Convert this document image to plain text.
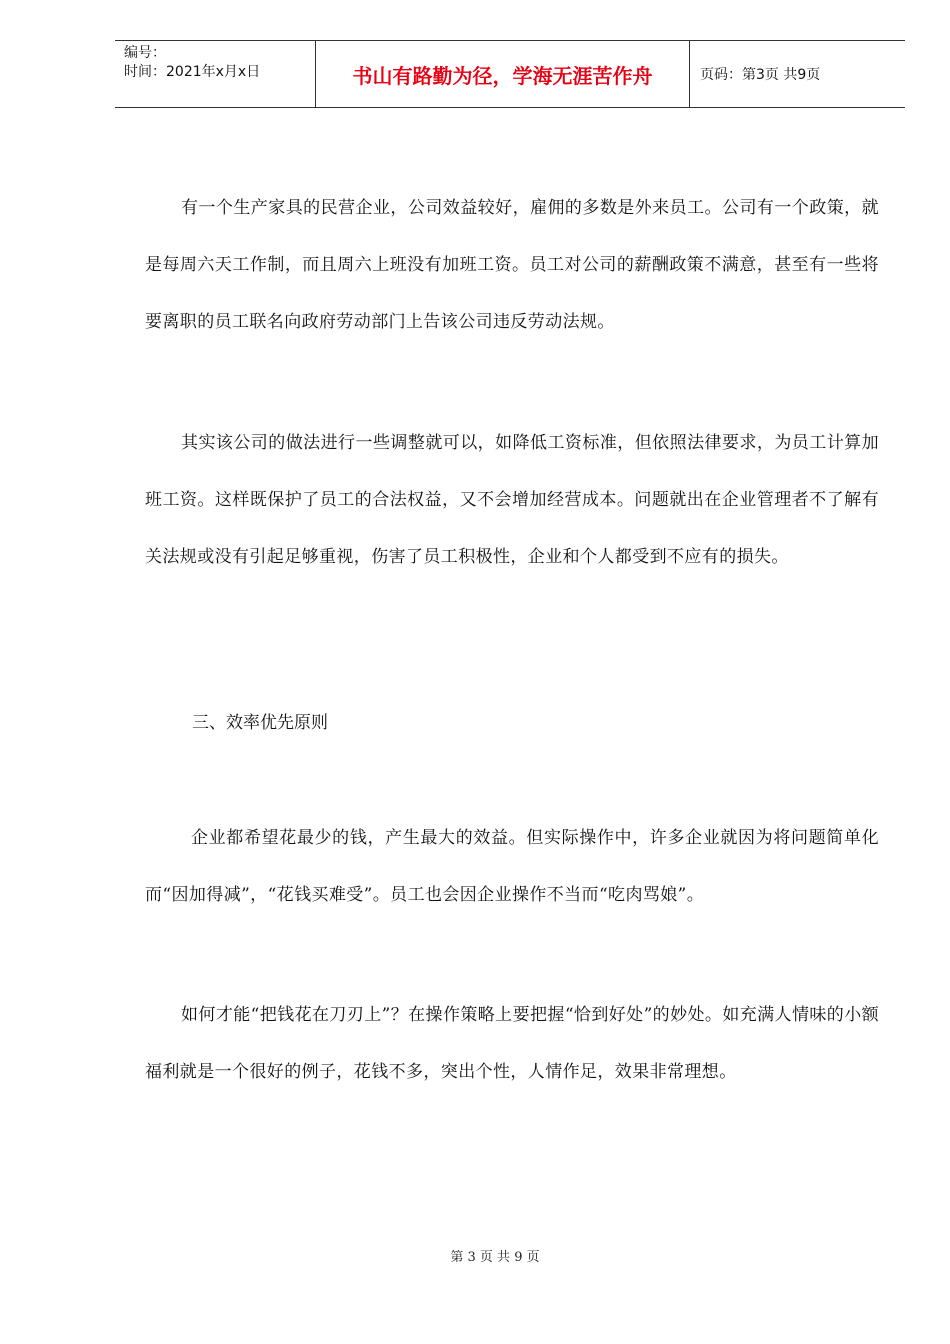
编号：
时间：2021年x月x日	书山有路勤为径，学海无涯苦作舟	页码：第3页 共9页

有一个生产家具的民营企业，公司效益较好，雇佣的多数是外来员工。公司有一个政策，就是每周六天工作制，而且周六上班没有加班工资。员工对公司的薪酬政策不满意，甚至有一些将要离职的员工联名向政府劳动部门上告该公司违反劳动法规。

其实该公司的做法进行一些调整就可以，如降低工资标准，但依照法律要求，为员工计算加班工资。这样既保护了员工的合法权益，又不会增加经营成本。问题就出在企业管理者不了解有关法规或没有引起足够重视，伤害了员工积极性，企业和个人都受到不应有的损失。

三、效率优先原则

企业都希望花最少的钱，产生最大的效益。但实际操作中，许多企业就因为将问题简单化而“因加得减”，“花钱买难受”。员工也会因企业操作不当而“吃肉骂娘”。

如何才能“把钱花在刀刃上”？在操作策略上要把握“恰到好处”的妙处。如充满人情味的小额福利就是一个很好的例子，花钱不多，突出个性，人情作足，效果非常理想。

第 3 页 共 9 页
